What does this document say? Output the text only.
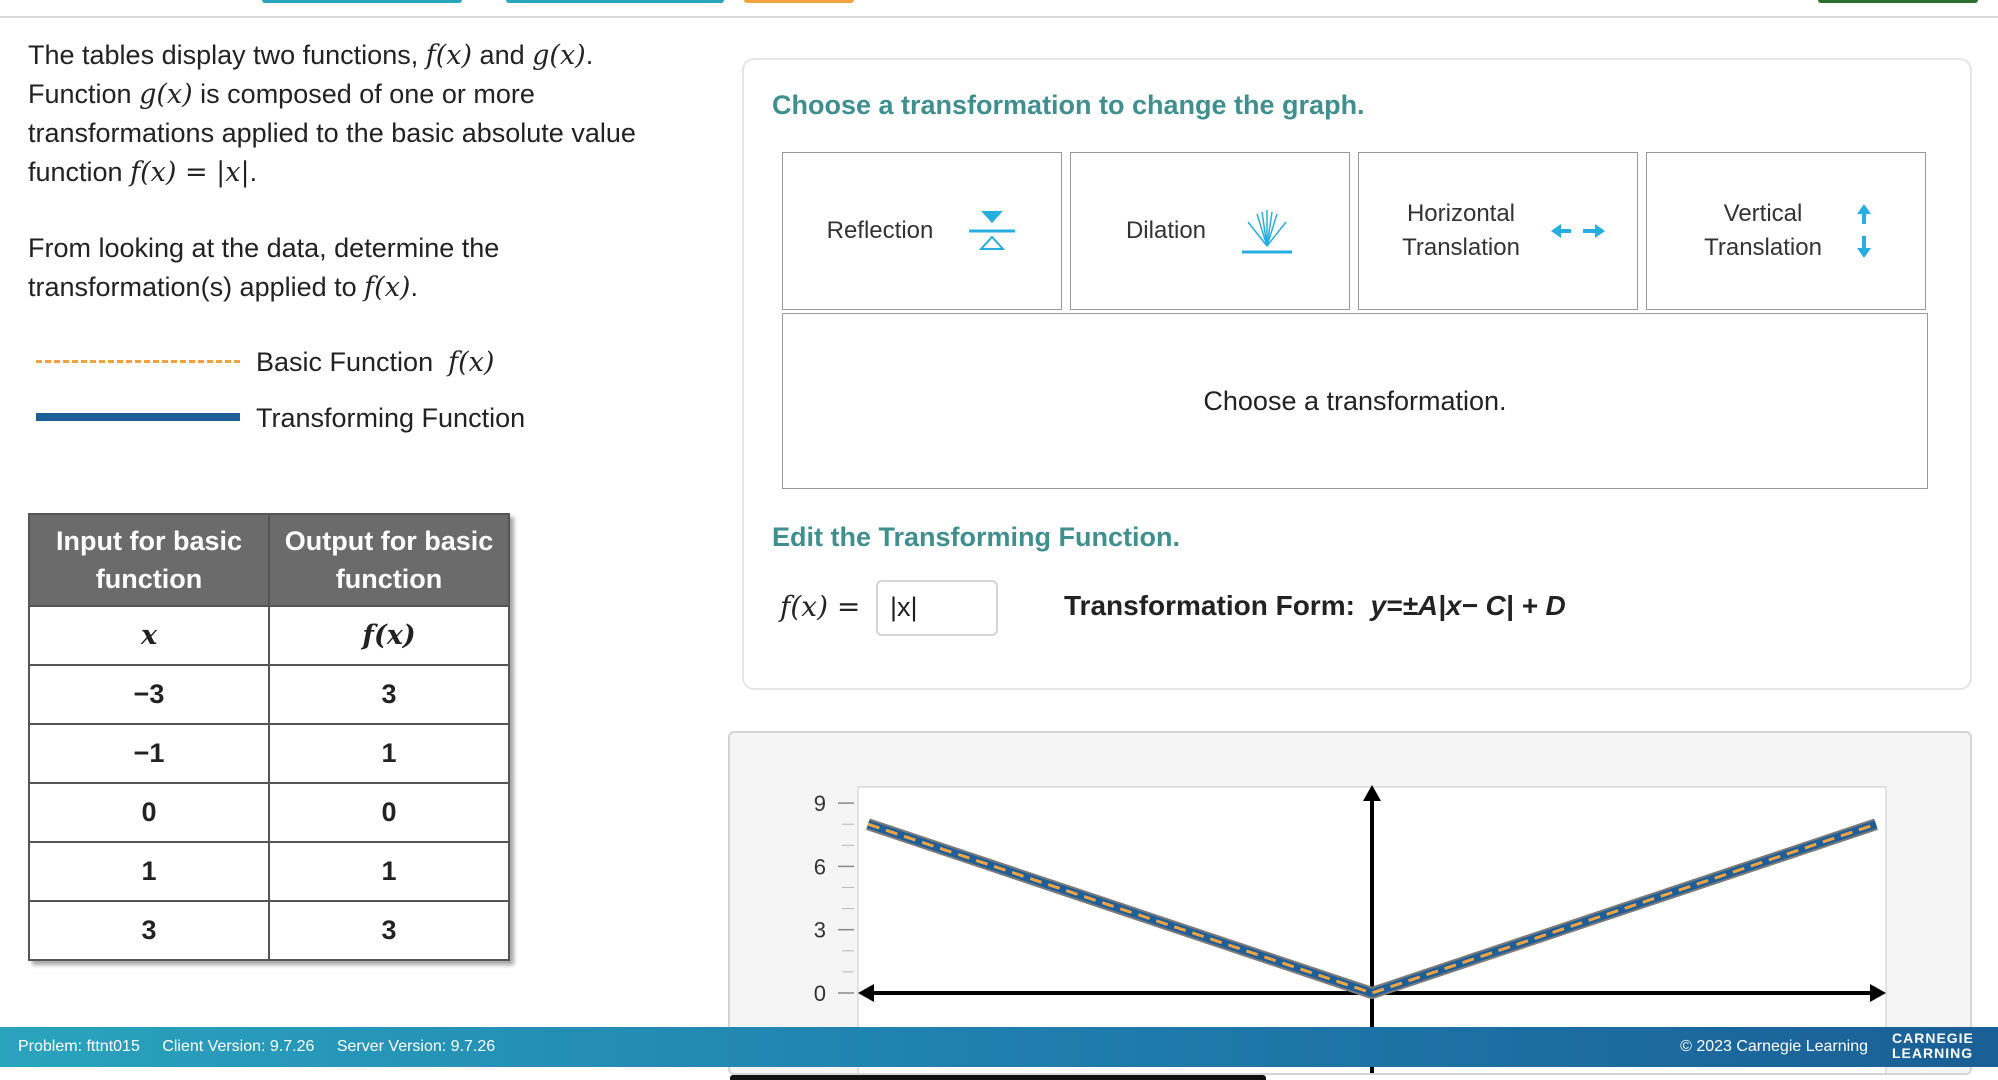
The tables display two functions, f(x) and g(x).

Function g(x) is composed of one or more transformations applied to the basic absolute value function f(x) = |x|.

From looking at the data, determine the transformation(s) applied to f(x).

Basic Function f(x)
Transforming Function
Input for basic function	Output for basic function
x	f(x)
−3	3
−1	1
0	0
1	1
3	3
Choose a transformation to change the graph.
Reflection	Dilation
Horizontal Translation
Vertical Translation
Choose a transformation.
Edit the Transforming Function.
f(x) =	|x|	Transformation Form: y=±A|x− C| + D
0
3
6
9
Problem: fttnt015 Client Version: 9.7.26 Server Version: 9.7.26	© 2023 Carnegie Learning CARNEGIE
LEARNING
